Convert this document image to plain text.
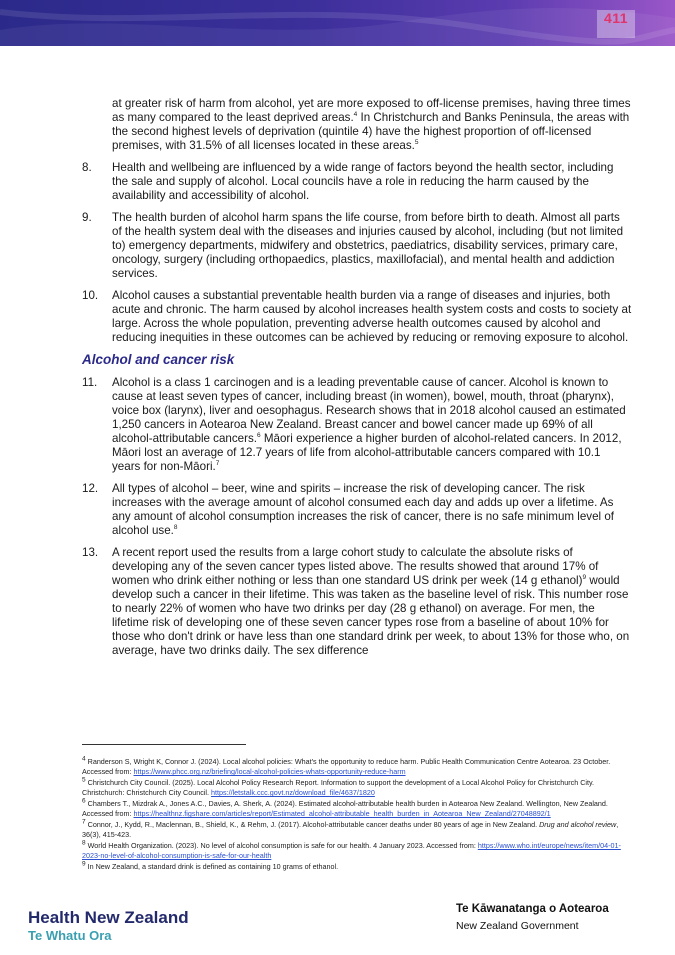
411

at greater risk of harm from alcohol, yet are more exposed to off-license premises, having three times as many compared to the least deprived areas.$^4$ In Christchurch and Banks Peninsula, the areas with the second highest levels of deprivation (quintile 4) have the highest proportion of off-licensed premises, with 31.5% of all licenses located in these areas.$^5$

8.	Health and wellbeing are influenced by a wide range of factors beyond the health sector, including the sale and supply of alcohol. Local councils have a role in reducing the harm caused by the availability and accessibility of alcohol.
9.	The health burden of alcohol harm spans the life course, from before birth to death. Almost all parts of the health system deal with the diseases and injuries caused by alcohol, including (but not limited to) emergency departments, midwifery and obstetrics, paediatrics, disability services, primary care, oncology, surgery (including orthopaedics, plastics, maxillofacial), and mental health and addiction services.
10.	Alcohol causes a substantial preventable health burden via a range of diseases and injuries, both acute and chronic. The harm caused by alcohol increases health system costs and costs to society at large. Across the whole population, preventing adverse health outcomes caused by alcohol and reducing inequities in these outcomes can be achieved by reducing or removing exposure to alcohol.
Alcohol and cancer risk
11.	Alcohol is a class 1 carcinogen and is a leading preventable cause of cancer. Alcohol is known to cause at least seven types of cancer, including breast (in women), bowel, mouth, throat (pharynx), voice box (larynx), liver and oesophagus. Research shows that in 2018 alcohol caused an estimated 1,250 cancers in Aotearoa New Zealand. Breast cancer and bowel cancer made up 69% of all alcohol-attributable cancers.$^6$ Māori experience a higher burden of alcohol-related cancers. In 2012, Māori lost an average of 12.7 years of life from alcohol-attributable cancers compared with 10.1 years for non-Māori.$^7$
12.	All types of alcohol – beer, wine and spirits – increase the risk of developing cancer. The risk increases with the average amount of alcohol consumed each day and adds up over a lifetime. As any amount of alcohol consumption increases the risk of cancer, there is no safe minimum level of alcohol use.$^8$
13.	A recent report used the results from a large cohort study to calculate the absolute risks of developing any of the seven cancer types listed above. The results showed that around 17% of women who drink either nothing or less than one standard US drink per week (14 g ethanol)$^9$ would develop such a cancer in their lifetime. This was taken as the baseline level of risk. This number rose to nearly 22% of women who have two drinks per day (28 g ethanol) on average. For men, the lifetime risk of developing one of these seven cancer types rose from a baseline of about 10% for those who don't drink or have less than one standard drink per week, to about 13% for those who, on average, have two drinks daily. The sex difference
$^4$ Randerson S, Wright K, Connor J. (2024). Local alcohol policies: What's the opportunity to reduce harm. Public Health Communication Centre Aotearoa. 23 October. Accessed from: https://www.phcc.org.nz/briefing/local-alcohol-policies-whats-opportunity-reduce-harm
$^5$ Christchurch City Council. (2025). Local Alcohol Policy Research Report. Information to support the development of a Local Alcohol Policy for Christchurch City. Christchurch: Christchurch City Council. https://letstalk.ccc.govt.nz/download_file/4637/1820
$^6$ Chambers T., Mizdrak A., Jones A.C., Davies, A. Sherk, A. (2024). Estimated alcohol-attributable health burden in Aotearoa New Zealand. Wellington, New Zealand. Accessed from: https://healthnz.figshare.com/articles/report/Estimated_alcohol-attributable_health_burden_in_Aotearoa_New_Zealand/27048892/1
$^7$ Connor, J., Kydd, R., Maclennan, B., Shield, K., & Rehm, J. (2017). Alcohol-attributable cancer deaths under 80 years of age in New Zealand. Drug and alcohol review, 36(3), 415-423.
$^8$ World Health Organization. (2023). No level of alcohol consumption is safe for our health. 4 January 2023. Accessed from: https://www.who.int/europe/news/item/04-01-2023-no-level-of-alcohol-consumption-is-safe-for-our-health
$^9$ In New Zealand, a standard drink is defined as containing 10 grams of ethanol.
Health New Zealand
Te Whatu Ora
Te Kāwanatanga o Aotearoa
New Zealand Government
